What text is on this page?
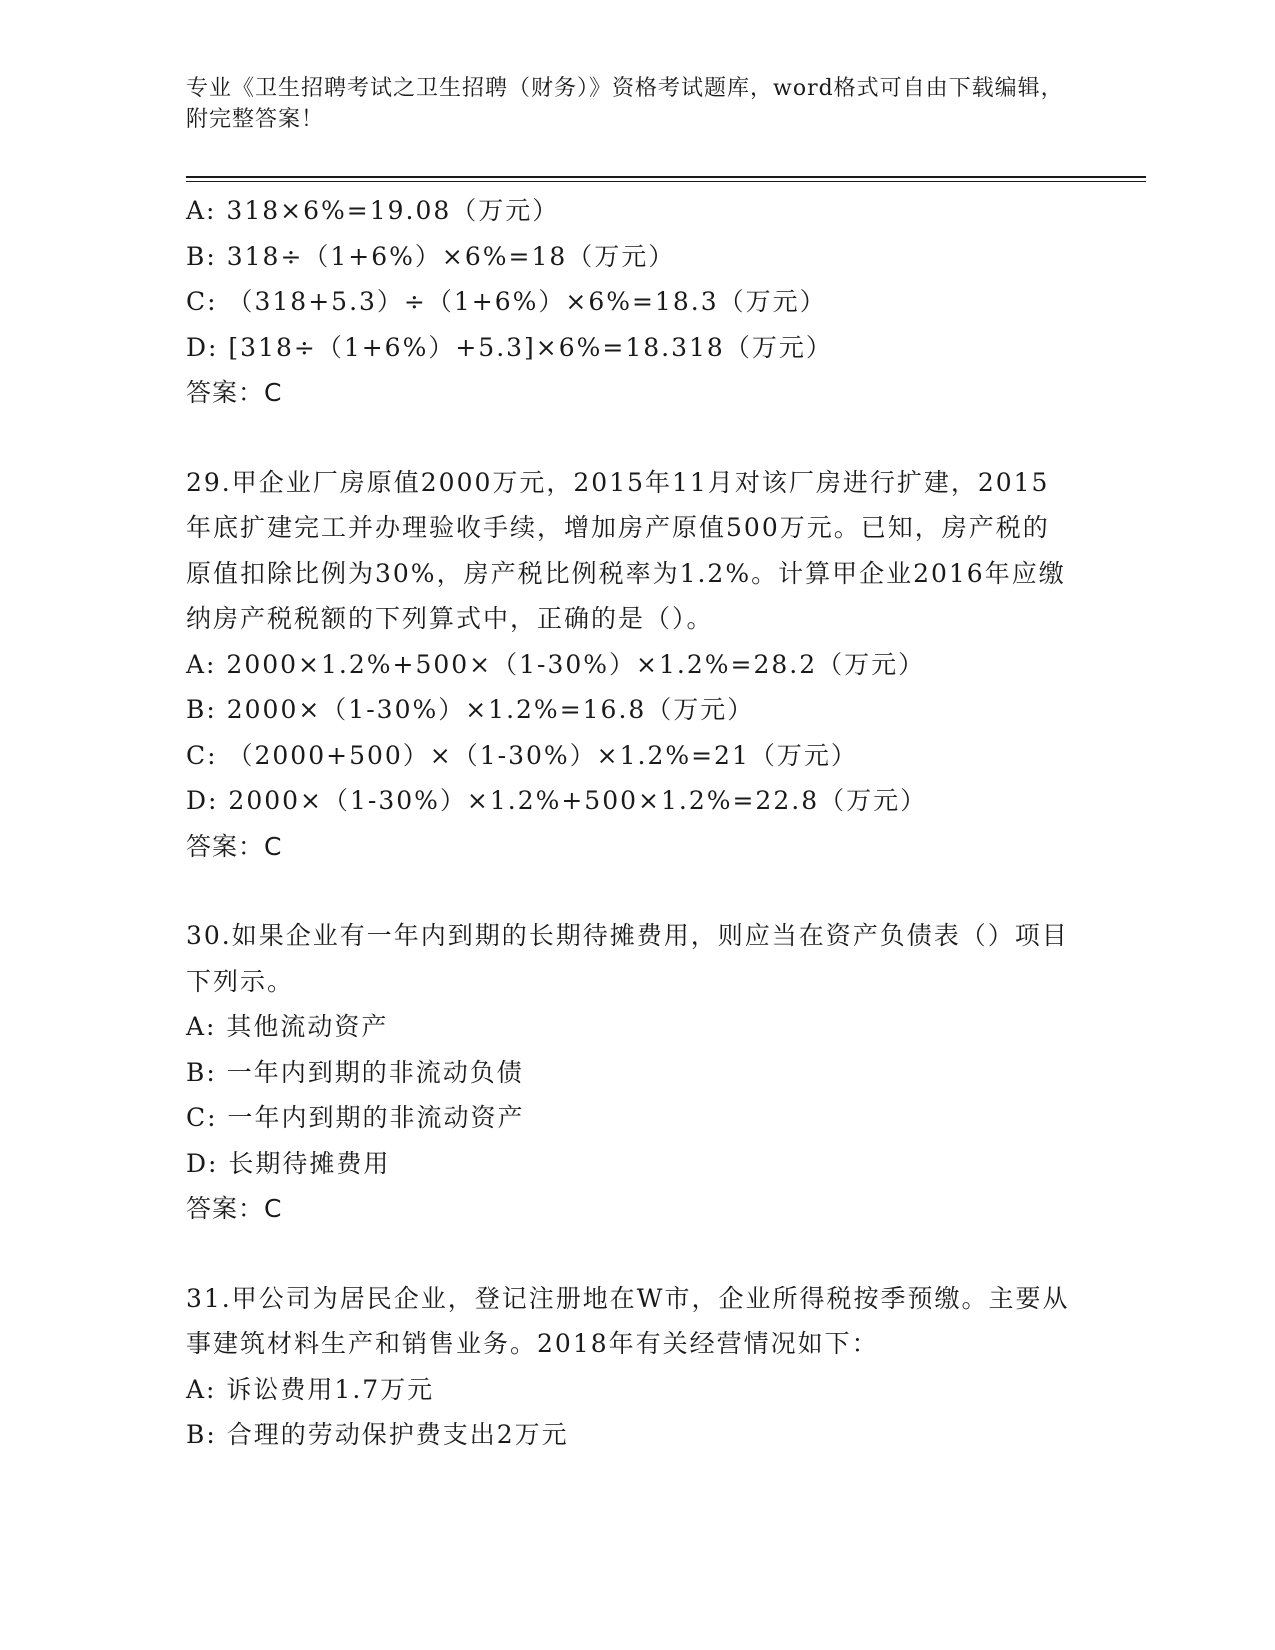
专业《卫生招聘考试之卫生招聘（财务）》资格考试题库，word格式可自由下载编辑，附完整答案！
A: 318×6%=19.08（万元）
B: 318÷（1+6%）×6%=18（万元）
C: （318+5.3）÷（1+6%）×6%=18.3（万元）
D: [318÷（1+6%）+5.3]×6%=18.318（万元）
答案：C
29.甲企业厂房原值2000万元，2015年11月对该厂房进行扩建，2015年底扩建完工并办理验收手续，增加房产原值500万元。已知，房产税的原值扣除比例为30%，房产税比例税率为1.2%。计算甲企业2016年应缴纳房产税税额的下列算式中，正确的是（）。
A: 2000×1.2%+500×（1-30%）×1.2%=28.2（万元）
B: 2000×（1-30%）×1.2%=16.8（万元）
C: （2000+500）×（1-30%）×1.2%=21（万元）
D: 2000×（1-30%）×1.2%+500×1.2%=22.8（万元）
答案：C
30.如果企业有一年内到期的长期待摊费用，则应当在资产负债表（）项目下列示。
A: 其他流动资产
B: 一年内到期的非流动负债
C: 一年内到期的非流动资产
D: 长期待摊费用
答案：C
31.甲公司为居民企业，登记注册地在W市，企业所得税按季预缴。主要从事建筑材料生产和销售业务。2018年有关经营情况如下：
A: 诉讼费用1.7万元
B: 合理的劳动保护费支出2万元
